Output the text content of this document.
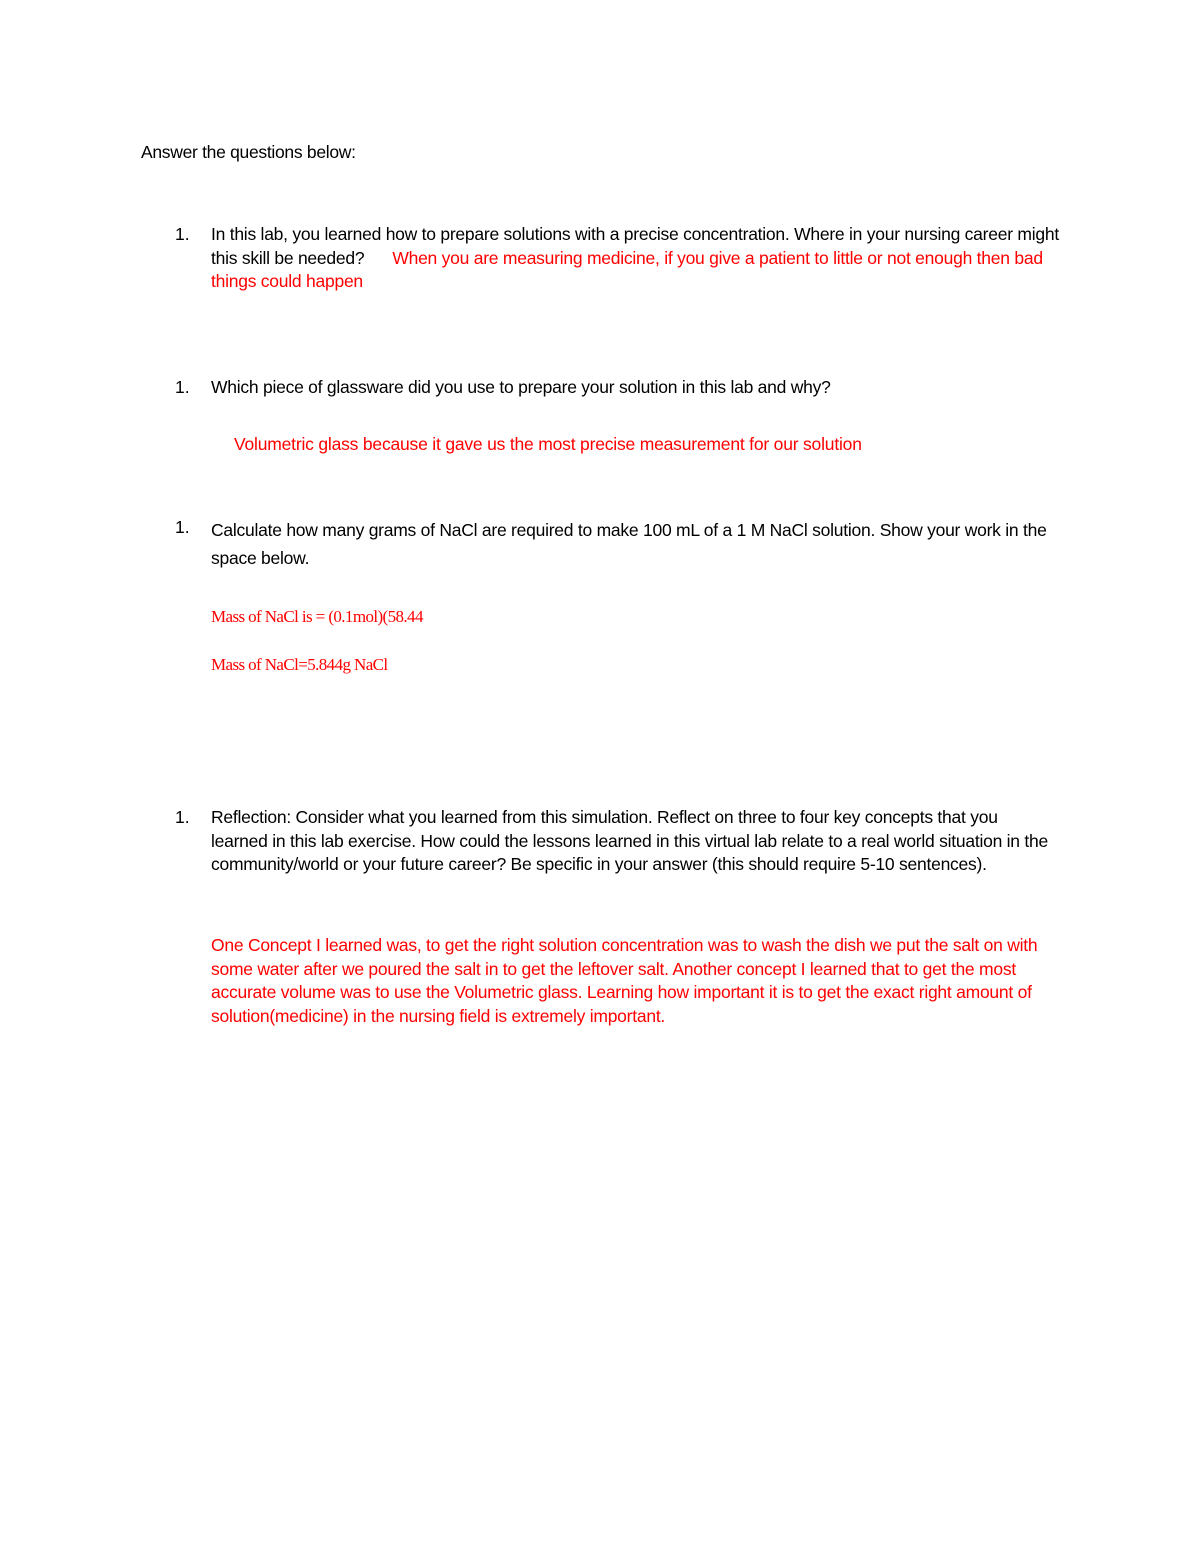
Answer the questions below:
1.	In this lab, you learned how to prepare solutions with a precise concentration. Where in your nursing career might this skill be needed? When you are measuring medicine, if you give a patient to little or not enough then bad things could happen
1.	Which piece of glassware did you use to prepare your solution in this lab and why?
Volumetric glass because it gave us the most precise measurement for our solution
1.	Calculate how many grams of NaCl are required to make 100 mL of a 1 M NaCl solution. Show your work in the space below.
Mass of NaCl is = (0.1mol)(58.44
Mass of NaCl=5.844g NaCl
1.	Reflection: Consider what you learned from this simulation. Reflect on three to four key concepts that you learned in this lab exercise. How could the lessons learned in this virtual lab relate to a real world situation in the community/world or your future career? Be specific in your answer (this should require 5-10 sentences).
One Concept I learned was, to get the right solution concentration was to wash the dish we put the salt on with some water after we poured the salt in to get the leftover salt. Another concept I learned that to get the most accurate volume was to use the Volumetric glass. Learning how important it is to get the exact right amount of solution(medicine) in the nursing field is extremely important.
